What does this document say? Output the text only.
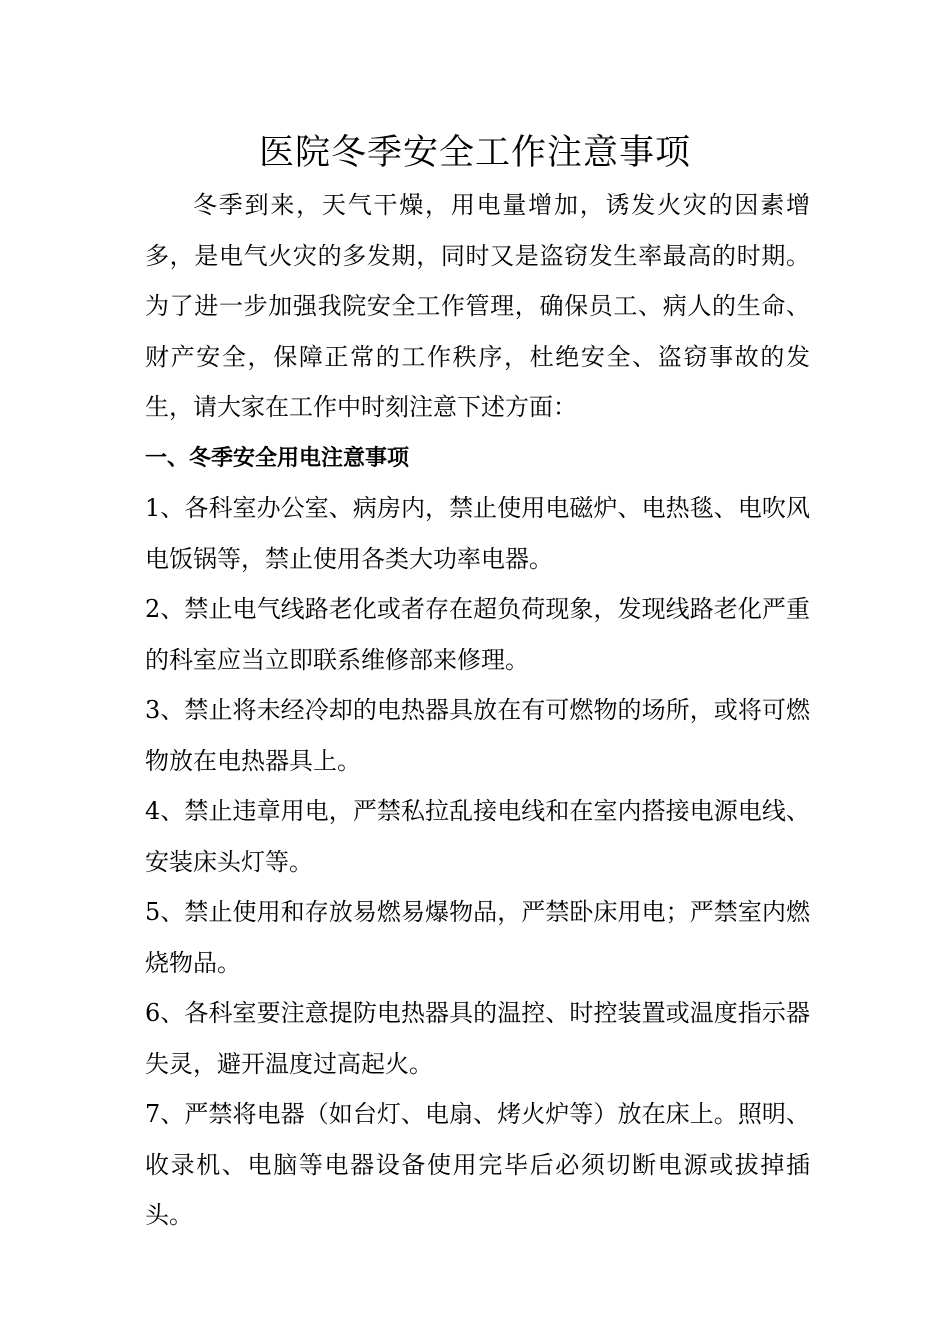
医院冬季安全工作注意事项

冬季到来，天气干燥，用电量增加，诱发火灾的因素增多，是电气火灾的多发期，同时又是盗窃发生率最高的时期。为了进一步加强我院安全工作管理，确保员工、病人的生命、财产安全，保障正常的工作秩序，杜绝安全、盗窃事故的发生，请大家在工作中时刻注意下述方面：

一、冬季安全用电注意事项

1、各科室办公室、病房内，禁止使用电磁炉、电热毯、电吹风电饭锅等，禁止使用各类大功率电器。

2、禁止电气线路老化或者存在超负荷现象，发现线路老化严重的科室应当立即联系维修部来修理。

3、禁止将未经冷却的电热器具放在有可燃物的场所，或将可燃物放在电热器具上。

4、禁止违章用电，严禁私拉乱接电线和在室内搭接电源电线、 安装床头灯等。

5、禁止使用和存放易燃易爆物品，严禁卧床用电；严禁室内燃烧物品。

6、各科室要注意提防电热器具的温控、时控装置或温度指示器失灵，避开温度过高起火。

7、严禁将电器（如台灯、电扇、烤火炉等）放在床上。照明、收录机、电脑等电器设备使用完毕后必须切断电源或拔掉插头。
